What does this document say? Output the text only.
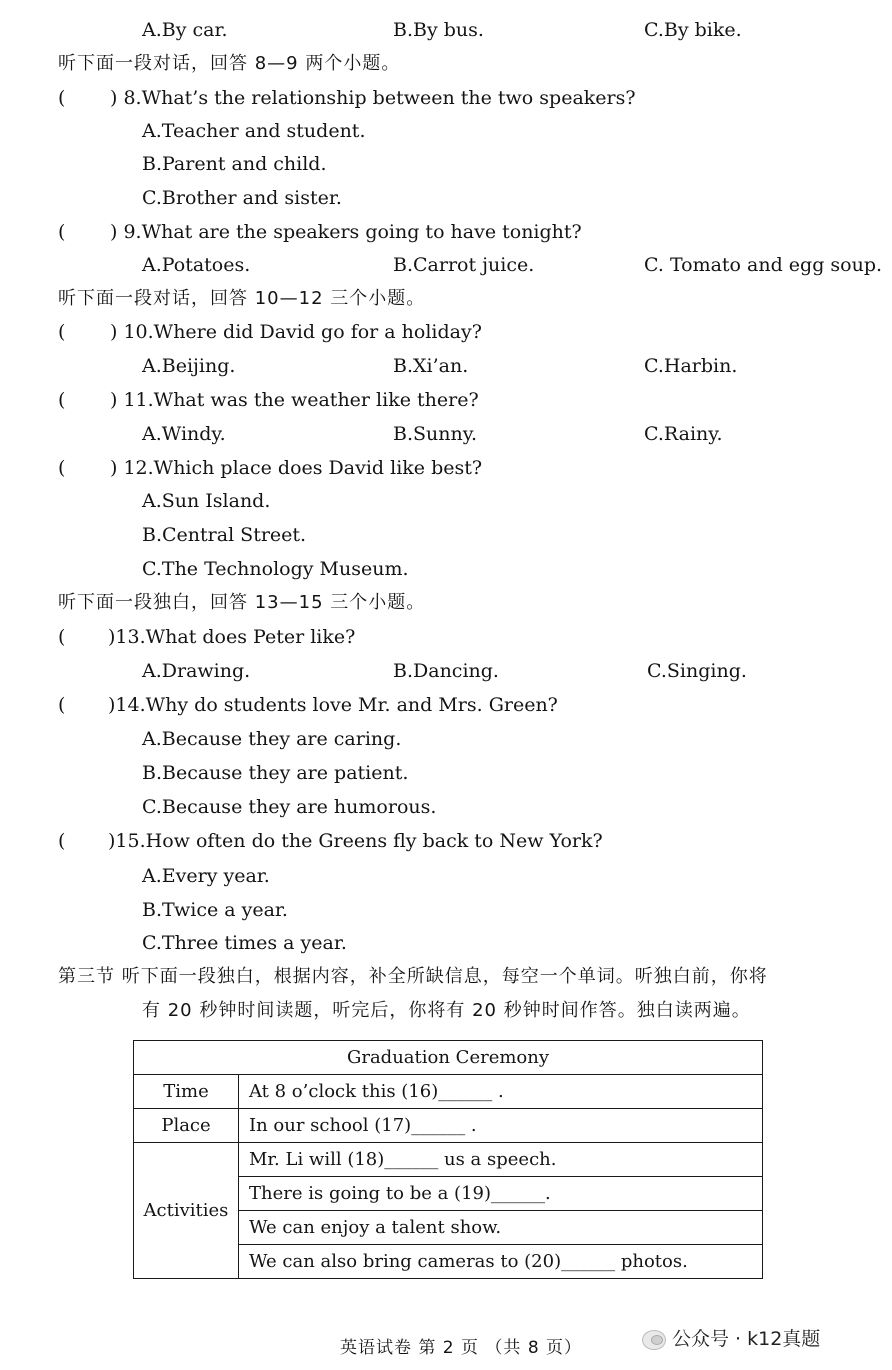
A.By car.	B.By bus.	C.By bike.
听下面一段对话，回答 8—9 两个小题。
) 8.What’s the relationship between the two speakers?
A.Teacher and student.
B.Parent and child.
C.Brother and sister.
) 9.What are the speakers going to have tonight?
A.Potatoes.	B.Carrot juice.	C. Tomato and egg soup.
听下面一段对话，回答 10—12 三个小题。
) 10.Where did David go for a holiday?
A.Beijing.	B.Xi’an.	C.Harbin.
) 11.What was the weather like there?
A.Windy.	B.Sunny.	C.Rainy.
) 12.Which place does David like best?
A.Sun Island.
B.Central Street.
C.The Technology Museum.
听下面一段独白，回答 13—15 三个小题。
)13.What does Peter like?
A.Drawing.	B.Dancing.	C.Singing.
)14.Why do students love Mr. and Mrs. Green?
A.Because they are caring.
B.Because they are patient.
C.Because they are humorous.
)15.How often do the Greens fly back to New York?
A.Every year.
B.Twice a year.
C.Three times a year.
第三节 听下面一段独白，根据内容，补全所缺信息，每空一个单词。听独白前，你将
有 20 秒钟时间读题，听完后，你将有 20 秒钟时间作答。独白读两遍。
(
(
(
(
(
(
(
(
Graduation Ceremony	
Time	At 8 o’clock this (16)______ .
Place	In our school (17)______ .
Activities	Mr. Li will (18)______ us a speech.
	There is going to be a (19)______.
	We can enjoy a talent show.
	We can also bring cameras to (20)______ photos.
英语试卷 第 2 页 （共 8 页）	公众号 · k12真题
